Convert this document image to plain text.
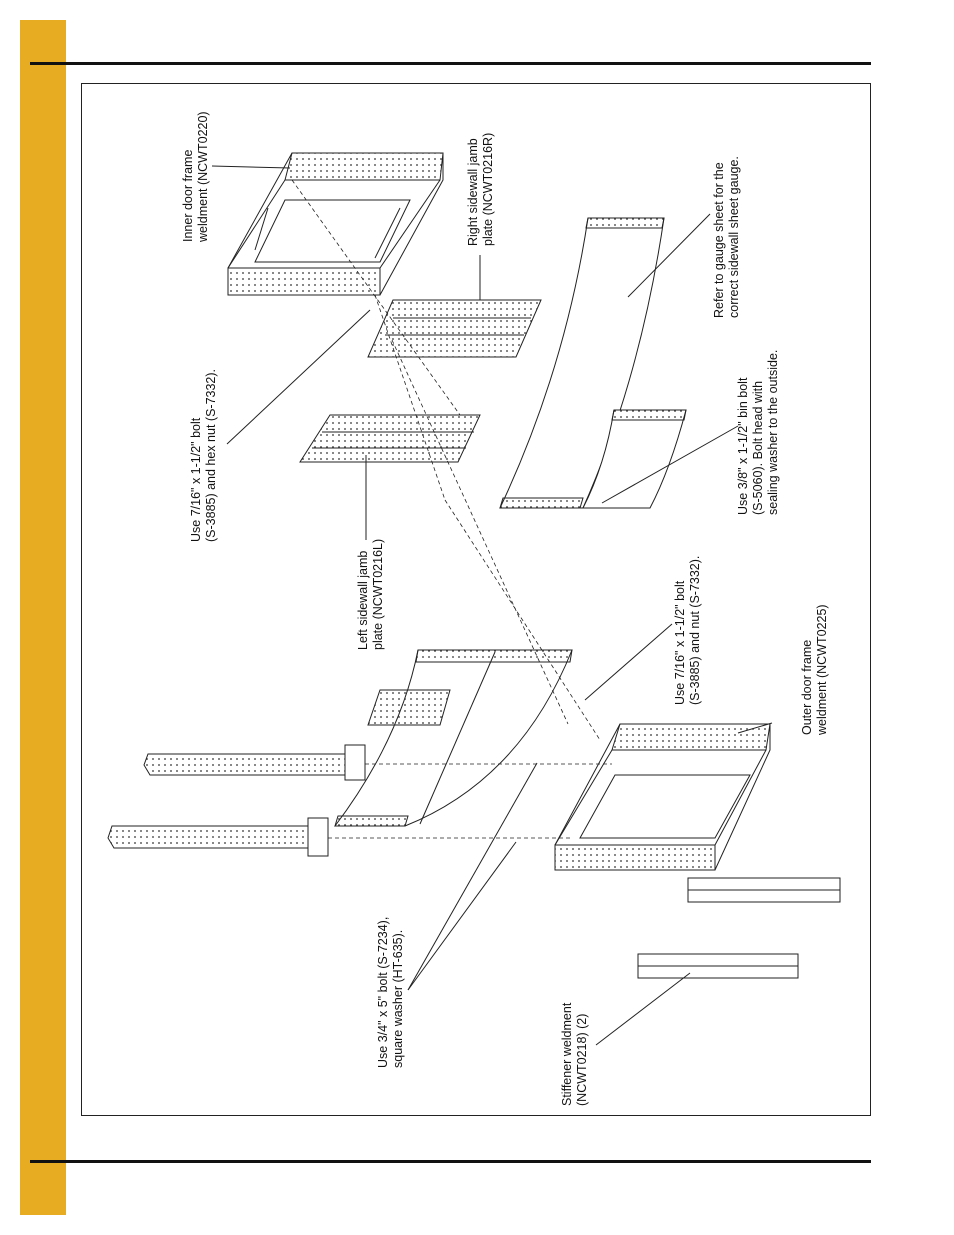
Inner door frame weldment (NCWT0220)	Right sidewall jamb plate (NCWT0216R)	Refer to gauge sheet for the correct sidewall sheet gauge.
Use 7/16" x 1-1/2" bolt (S-3885) and hex nut (S-7332).
Left sidewall jamb plate (NCWT0216L)
Use 3/8" x 1-1/2" bin bolt (S-5060). Bolt head with sealing washer to the outside.
Use 7/16" x 1-1/2" bolt (S-3885) and nut (S-7332).	Outer door frame weldment (NCWT0225)
Use 3/4" x 5" bolt (S-7234), square washer (HT-635).	Stiffener weldment (NCWT0218) (2)
